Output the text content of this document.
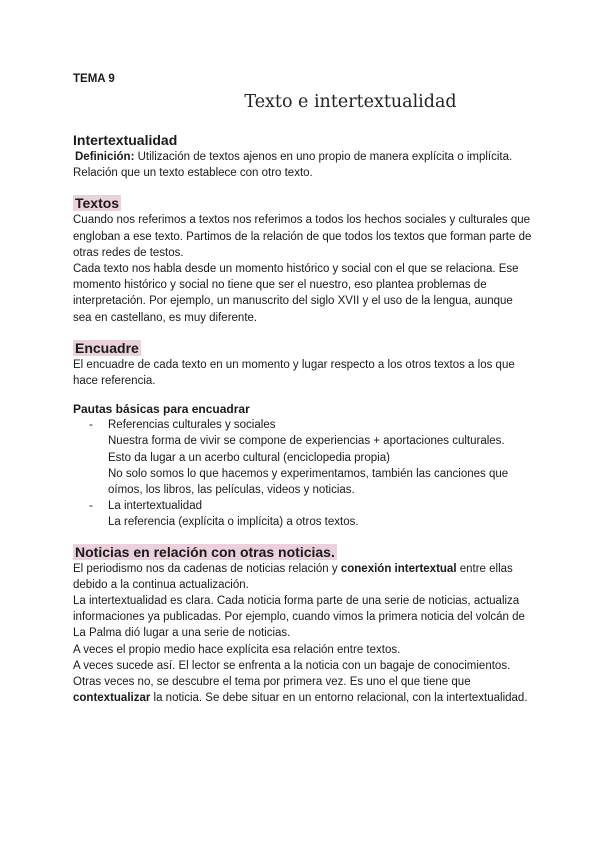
TEMA 9

Texto e intertextualidad
Intertextualidad

Definición: Utilización de textos ajenos en uno propio de manera explícita o implícita.

Relación que un texto establece con otro texto.

Textos

Cuando nos referimos a textos nos referimos a todos los hechos sociales y culturales que engloban a ese texto. Partimos de la relación de que todos los textos que forman parte de otras redes de testos.

Cada texto nos habla desde un momento histórico y social con el que se relaciona. Ese momento histórico y social no tiene que ser el nuestro, eso plantea problemas de interpretación. Por ejemplo, un manuscrito del siglo XVII y el uso de la lengua, aunque sea en castellano, es muy diferente.

Encuadre

El encuadre de cada texto en un momento y lugar respecto a los otros textos a los que hace referencia.

Pautas básicas para encuadrar
- Referencias culturales y sociales
Nuestra forma de vivir se compone de experiencias + aportaciones culturales.
Esto da lugar a un acerbo cultural (enciclopedia propia)
No solo somos lo que hacemos y experimentamos, también las canciones que oímos, los libros, las películas, videos y noticias.
- La intertextualidad
La referencia (explícita o implícita) a otros textos.
Noticias en relación con otras noticias.

El periodismo nos da cadenas de noticias relación y conexión intertextual entre ellas debido a la continua actualización.

La intertextualidad es clara. Cada noticia forma parte de una serie de noticias, actualiza informaciones ya publicadas. Por ejemplo, cuando vimos la primera noticia del volcán de La Palma dió lugar a una serie de noticias.

A veces el propio medio hace explícita esa relación entre textos.

A veces sucede así. El lector se enfrenta a la noticia con un bagaje de conocimientos. Otras veces no, se descubre el tema por primera vez. Es uno el que tiene que contextualizar la noticia. Se debe situar en un entorno relacional, con la intertextualidad.
